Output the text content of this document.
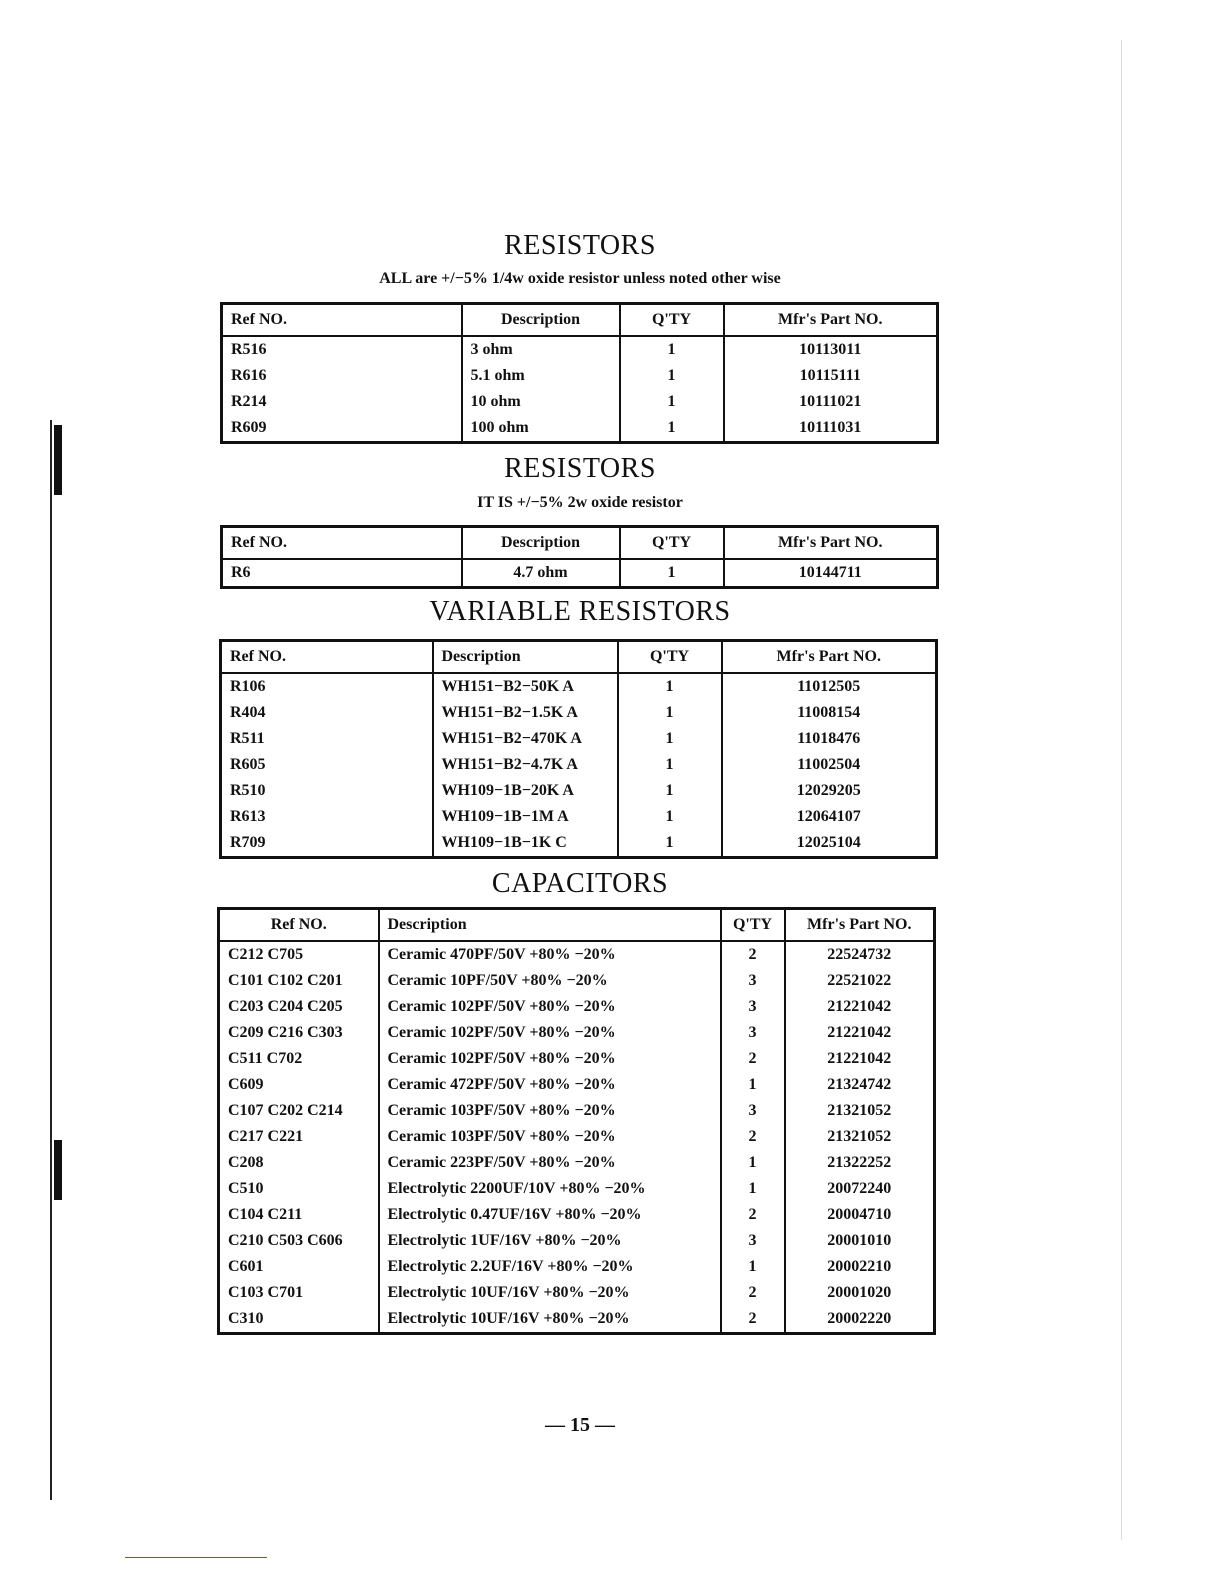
RESISTORS
ALL are +/−5% 1/4w oxide resistor unless noted other wise
Ref NO.	Description	Q'TY	Mfr's Part NO.
R516	3 ohm	1	10113011
R616	5.1 ohm	1	10115111
R214	10 ohm	1	10111021
R609	100 ohm	1	10111031
RESISTORS
IT IS +/−5% 2w oxide resistor
Ref NO.	Description	Q'TY	Mfr's Part NO.
R6	4.7 ohm	1	10144711
VARIABLE RESISTORS
Ref NO.	Description	Q'TY	Mfr's Part NO.
R106	WH151−B2−50K A	1	11012505
R404	WH151−B2−1.5K A	1	11008154
R511	WH151−B2−470K A	1	11018476
R605	WH151−B2−4.7K A	1	11002504
R510	WH109−1B−20K A	1	12029205
R613	WH109−1B−1M A	1	12064107
R709	WH109−1B−1K C	1	12025104
CAPACITORS
Ref NO.	Description	Q'TY	Mfr's Part NO.
C212 C705	Ceramic 470PF/50V +80% −20%	2	22524732
C101 C102 C201	Ceramic 10PF/50V +80% −20%	3	22521022
C203 C204 C205	Ceramic 102PF/50V +80% −20%	3	21221042
C209 C216 C303	Ceramic 102PF/50V +80% −20%	3	21221042
C511 C702	Ceramic 102PF/50V +80% −20%	2	21221042
C609	Ceramic 472PF/50V +80% −20%	1	21324742
C107 C202 C214	Ceramic 103PF/50V +80% −20%	3	21321052
C217 C221	Ceramic 103PF/50V +80% −20%	2	21321052
C208	Ceramic 223PF/50V +80% −20%	1	21322252
C510	Electrolytic 2200UF/10V +80% −20%	1	20072240
C104 C211	Electrolytic 0.47UF/16V +80% −20%	2	20004710
C210 C503 C606	Electrolytic 1UF/16V +80% −20%	3	20001010
C601	Electrolytic 2.2UF/16V +80% −20%	1	20002210
C103 C701	Electrolytic 10UF/16V +80% −20%	2	20001020
C310	Electrolytic 10UF/16V +80% −20%	2	20002220
— 15 —
